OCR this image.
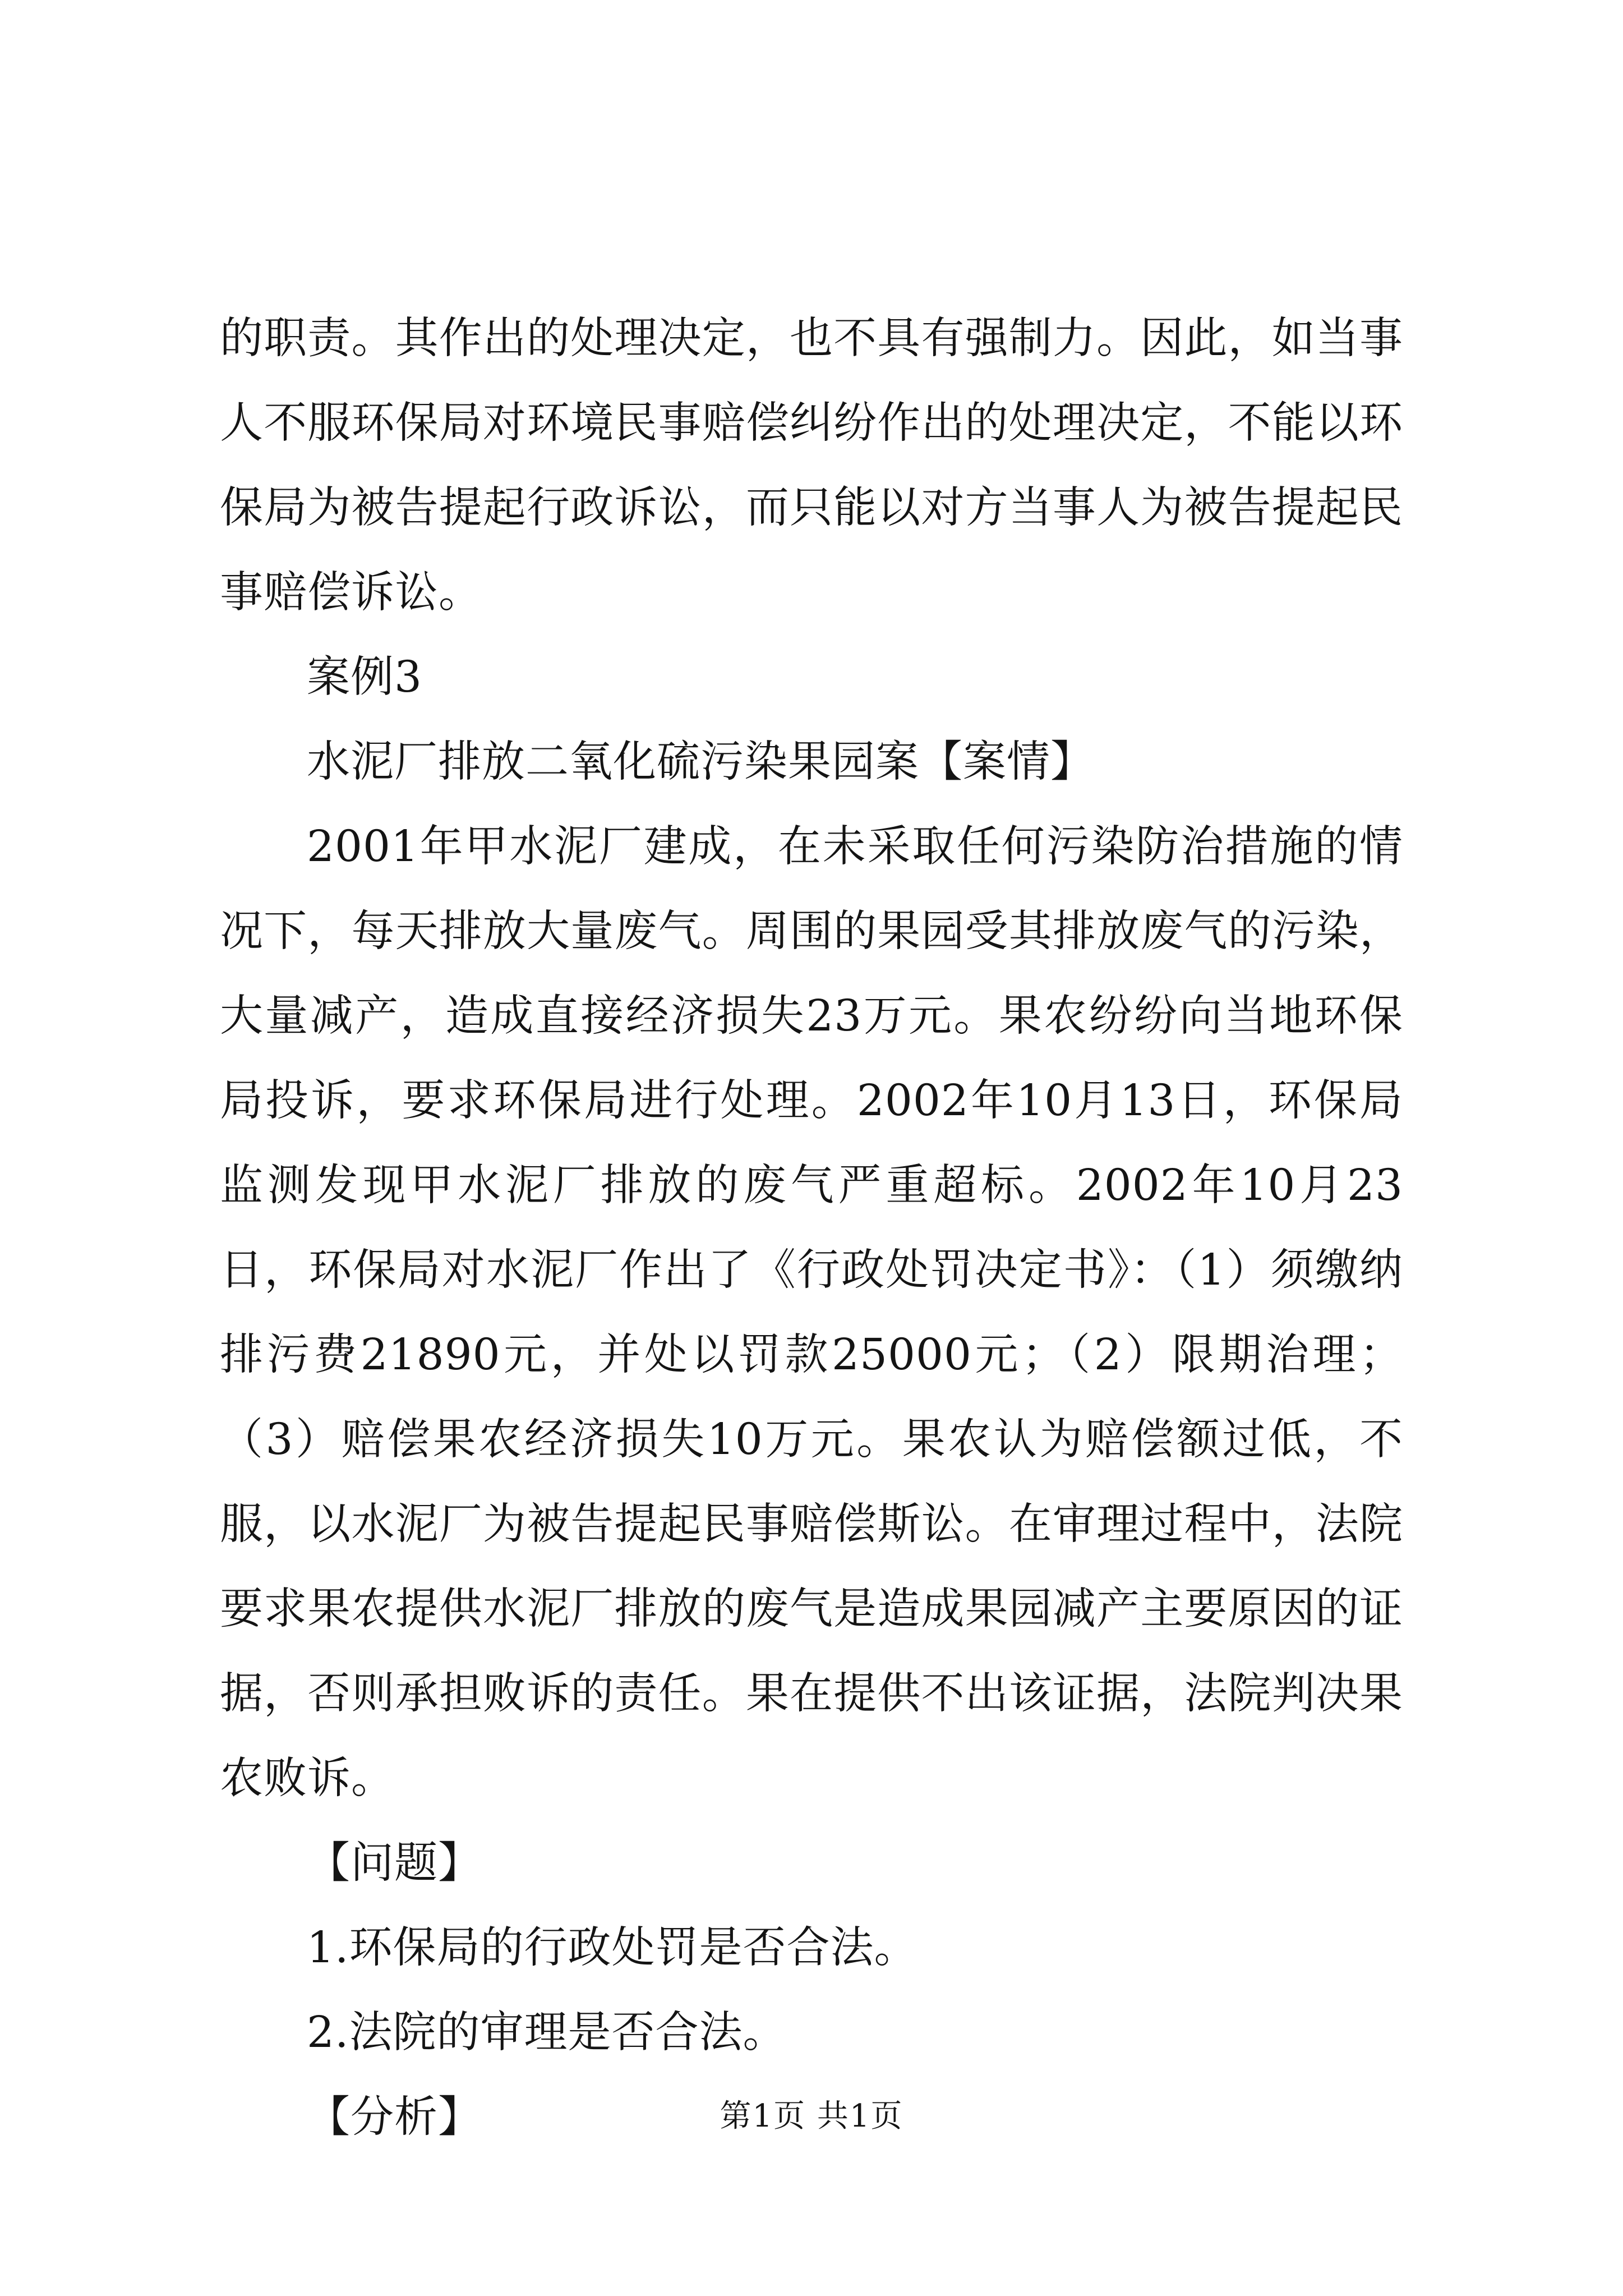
的职责。其作出的处理决定，也不具有强制力。因此，如当事人不服环保局对环境民事赔偿纠纷作出的处理决定，不能以环保局为被告提起行政诉讼，而只能以对方当事人为被告提起民事赔偿诉讼。

案例3

水泥厂排放二氧化硫污染果园案【案情】

2001年甲水泥厂建成，在未采取任何污染防治措施的情况下，每天排放大量废气。周围的果园受其排放废气的污染，大量减产，造成直接经济损失23万元。果农纷纷向当地环保局投诉，要求环保局进行处理。2002年10月13日，环保局监测发现甲水泥厂排放的废气严重超标。2002年10月23日，环保局对水泥厂作出了《行政处罚决定书》：（1）须缴纳排污费21890元，并处以罚款25000元；（2）限期治理；（3）赔偿果农经济损失10万元。果农认为赔偿额过低，不服，以水泥厂为被告提起民事赔偿斯讼。在审理过程中，法院要求果农提供水泥厂排放的废气是造成果园减产主要原因的证据，否则承担败诉的责任。果在提供不出该证据，法院判决果农败诉。

【问题】

1.环保局的行政处罚是否合法。

2.法院的审理是否合法。

【分析】	第1页 共1页
